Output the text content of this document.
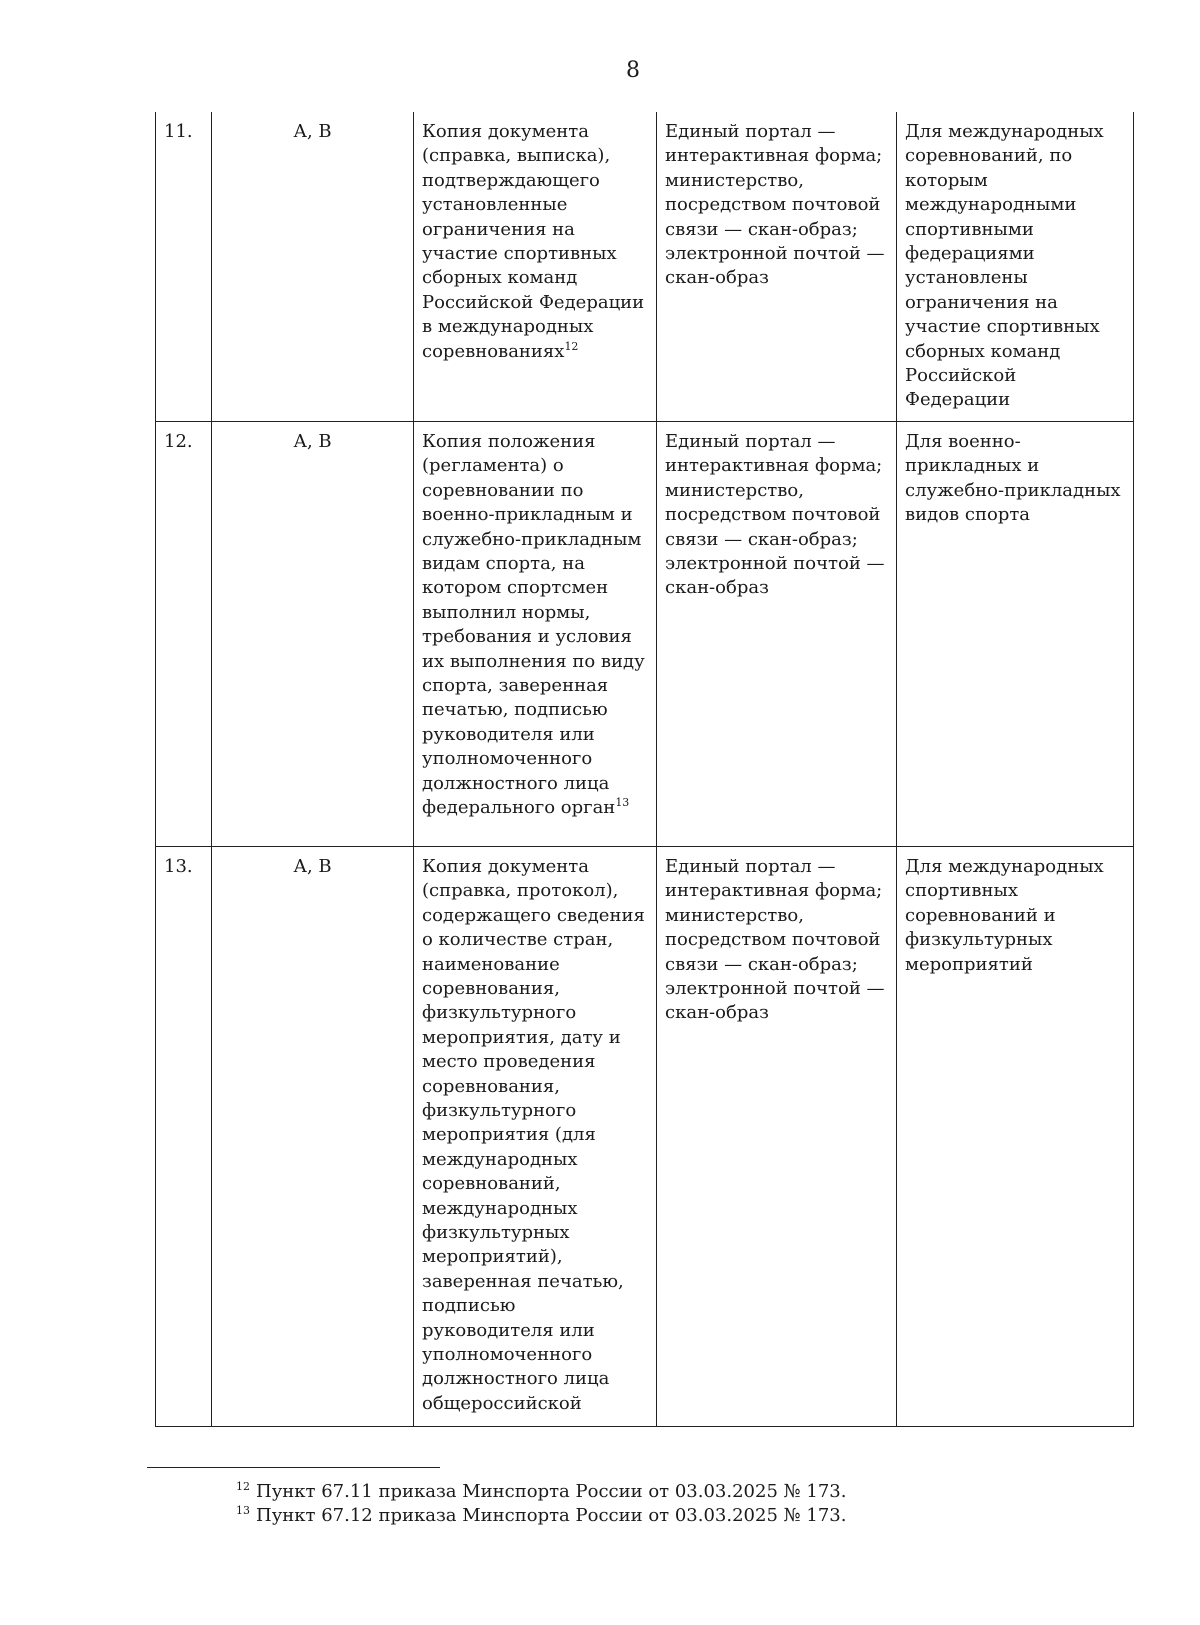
8
11.	А, В	Копия документа (справка, выписка), подтверждающего установленные ограничения на участие спортивных сборных команд Российской Федерации в международных соревнованиях$^{12}$	Единый портал — интерактивная форма; министерство, посредством почтовой связи — скан-образ; электронной почтой — скан-образ	Для международных соревнований, по которым международными спортивными федерациями установлены ограничения на участие спортивных сборных команд Российской Федерации
12.	А, В	Копия положения (регламента) о соревновании по военно-прикладным и служебно-прикладным видам спорта, на котором спортсмен выполнил нормы, требования и условия их выполнения по виду спорта, заверенная печатью, подписью руководителя или уполномоченного должностного лица федерального орган$^{13}$	Единый портал — интерактивная форма; министерство, посредством почтовой связи — скан-образ; электронной почтой — скан-образ	Для военно-прикладных и служебно-прикладных видов спорта
13.	А, В	Копия документа (справка, протокол), содержащего сведения о количестве стран, наименование соревнования, физкультурного мероприятия, дату и место проведения соревнования, физкультурного мероприятия (для международных соревнований, международных физкультурных мероприятий), заверенная печатью, подписью руководителя или уполномоченного должностного лица общероссийской	Единый портал — интерактивная форма; министерство, посредством почтовой связи — скан-образ; электронной почтой — скан-образ	Для международных спортивных соревнований и физкультурных мероприятий
$^{12}$ Пункт 67.11 приказа Минспорта России от 03.03.2025 № 173.
$^{13}$ Пункт 67.12 приказа Минспорта России от 03.03.2025 № 173.
